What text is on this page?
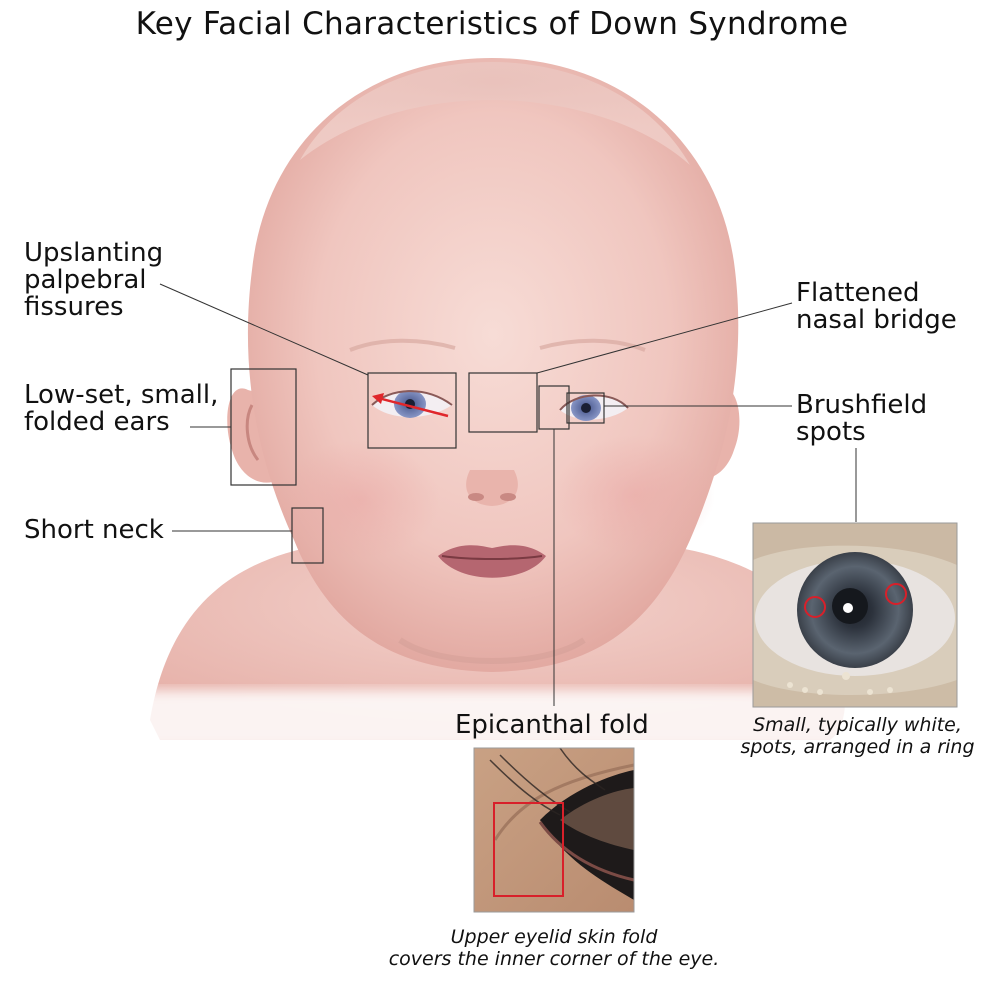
Key Facial Characteristics of Down Syndrome
Upslanting
palpebral
fissures
Low-set, small,
folded ears
Short neck
Flattened
nasal bridge
Brushfield
spots
Epicanthal fold	Small, typically white,
spots, arranged in a ring
Upper eyelid skin fold
covers the inner corner of the eye.
